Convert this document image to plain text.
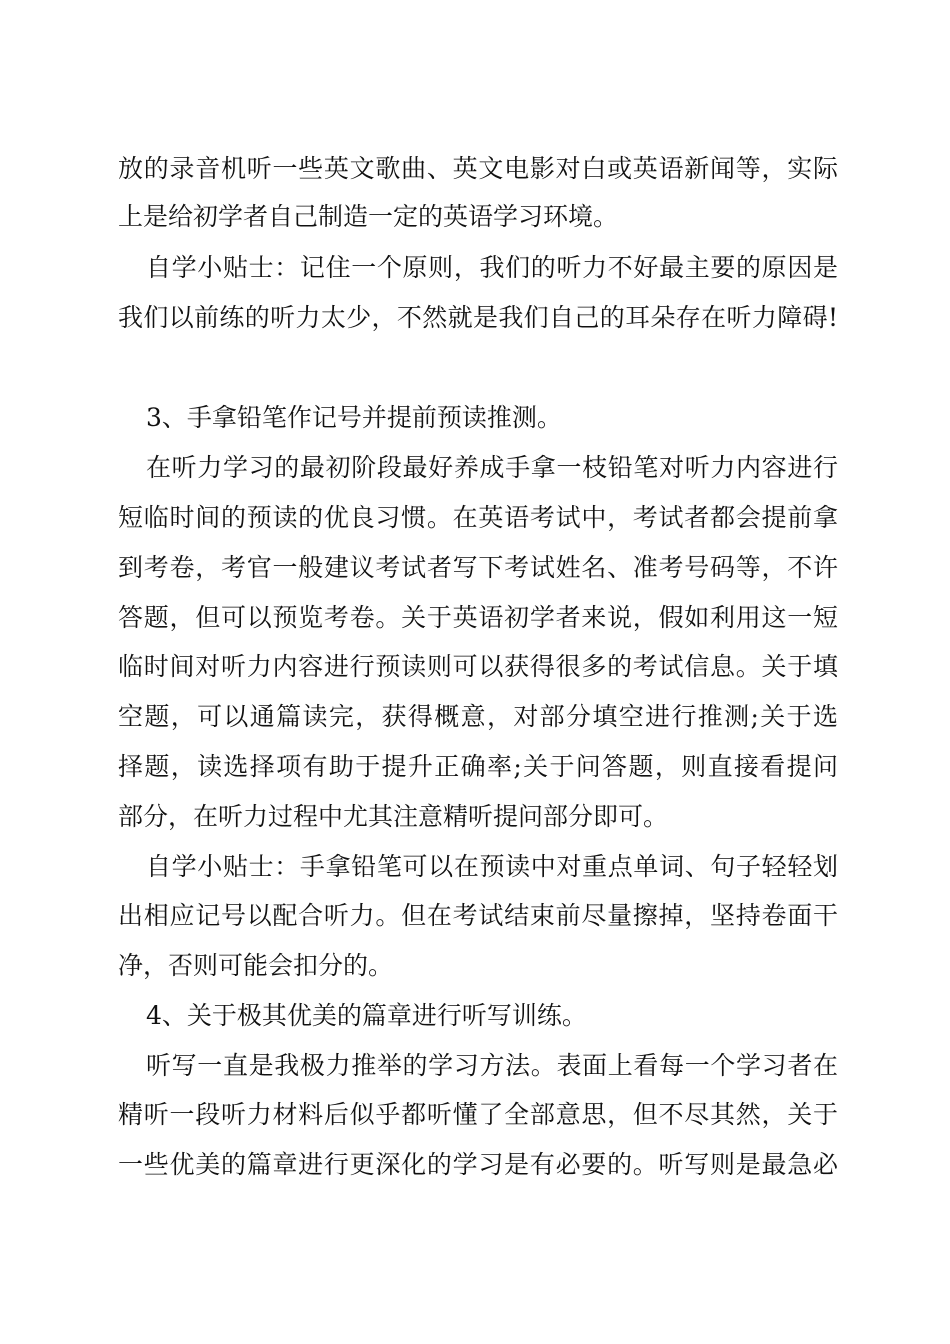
放的录音机听一些英文歌曲、英文电影对白或英语新闻等，实际
上是给初学者自己制造一定的英语学习环境。
自学小贴士：记住一个原则，我们的听力不好最主要的原因是
我们以前练的听力太少，不然就是我们自己的耳朵存在听力障碍!
3、手拿铅笔作记号并提前预读推测。
在听力学习的最初阶段最好养成手拿一枝铅笔对听力内容进行
短临时间的预读的优良习惯。在英语考试中，考试者都会提前拿
到考卷，考官一般建议考试者写下考试姓名、准考号码等，不许
答题，但可以预览考卷。关于英语初学者来说，假如利用这一短
临时间对听力内容进行预读则可以获得很多的考试信息。关于填
空题，可以通篇读完，获得概意，对部分填空进行推测;关于选
择题，读选择项有助于提升正确率;关于问答题，则直接看提问
部分，在听力过程中尤其注意精听提问部分即可。
自学小贴士：手拿铅笔可以在预读中对重点单词、句子轻轻划
出相应记号以配合听力。但在考试结束前尽量擦掉，坚持卷面干
净，否则可能会扣分的。
4、关于极其优美的篇章进行听写训练。
听写一直是我极力推举的学习方法。表面上看每一个学习者在
精听一段听力材料后似乎都听懂了全部意思，但不尽其然，关于
一些优美的篇章进行更深化的学习是有必要的。听写则是最急必
